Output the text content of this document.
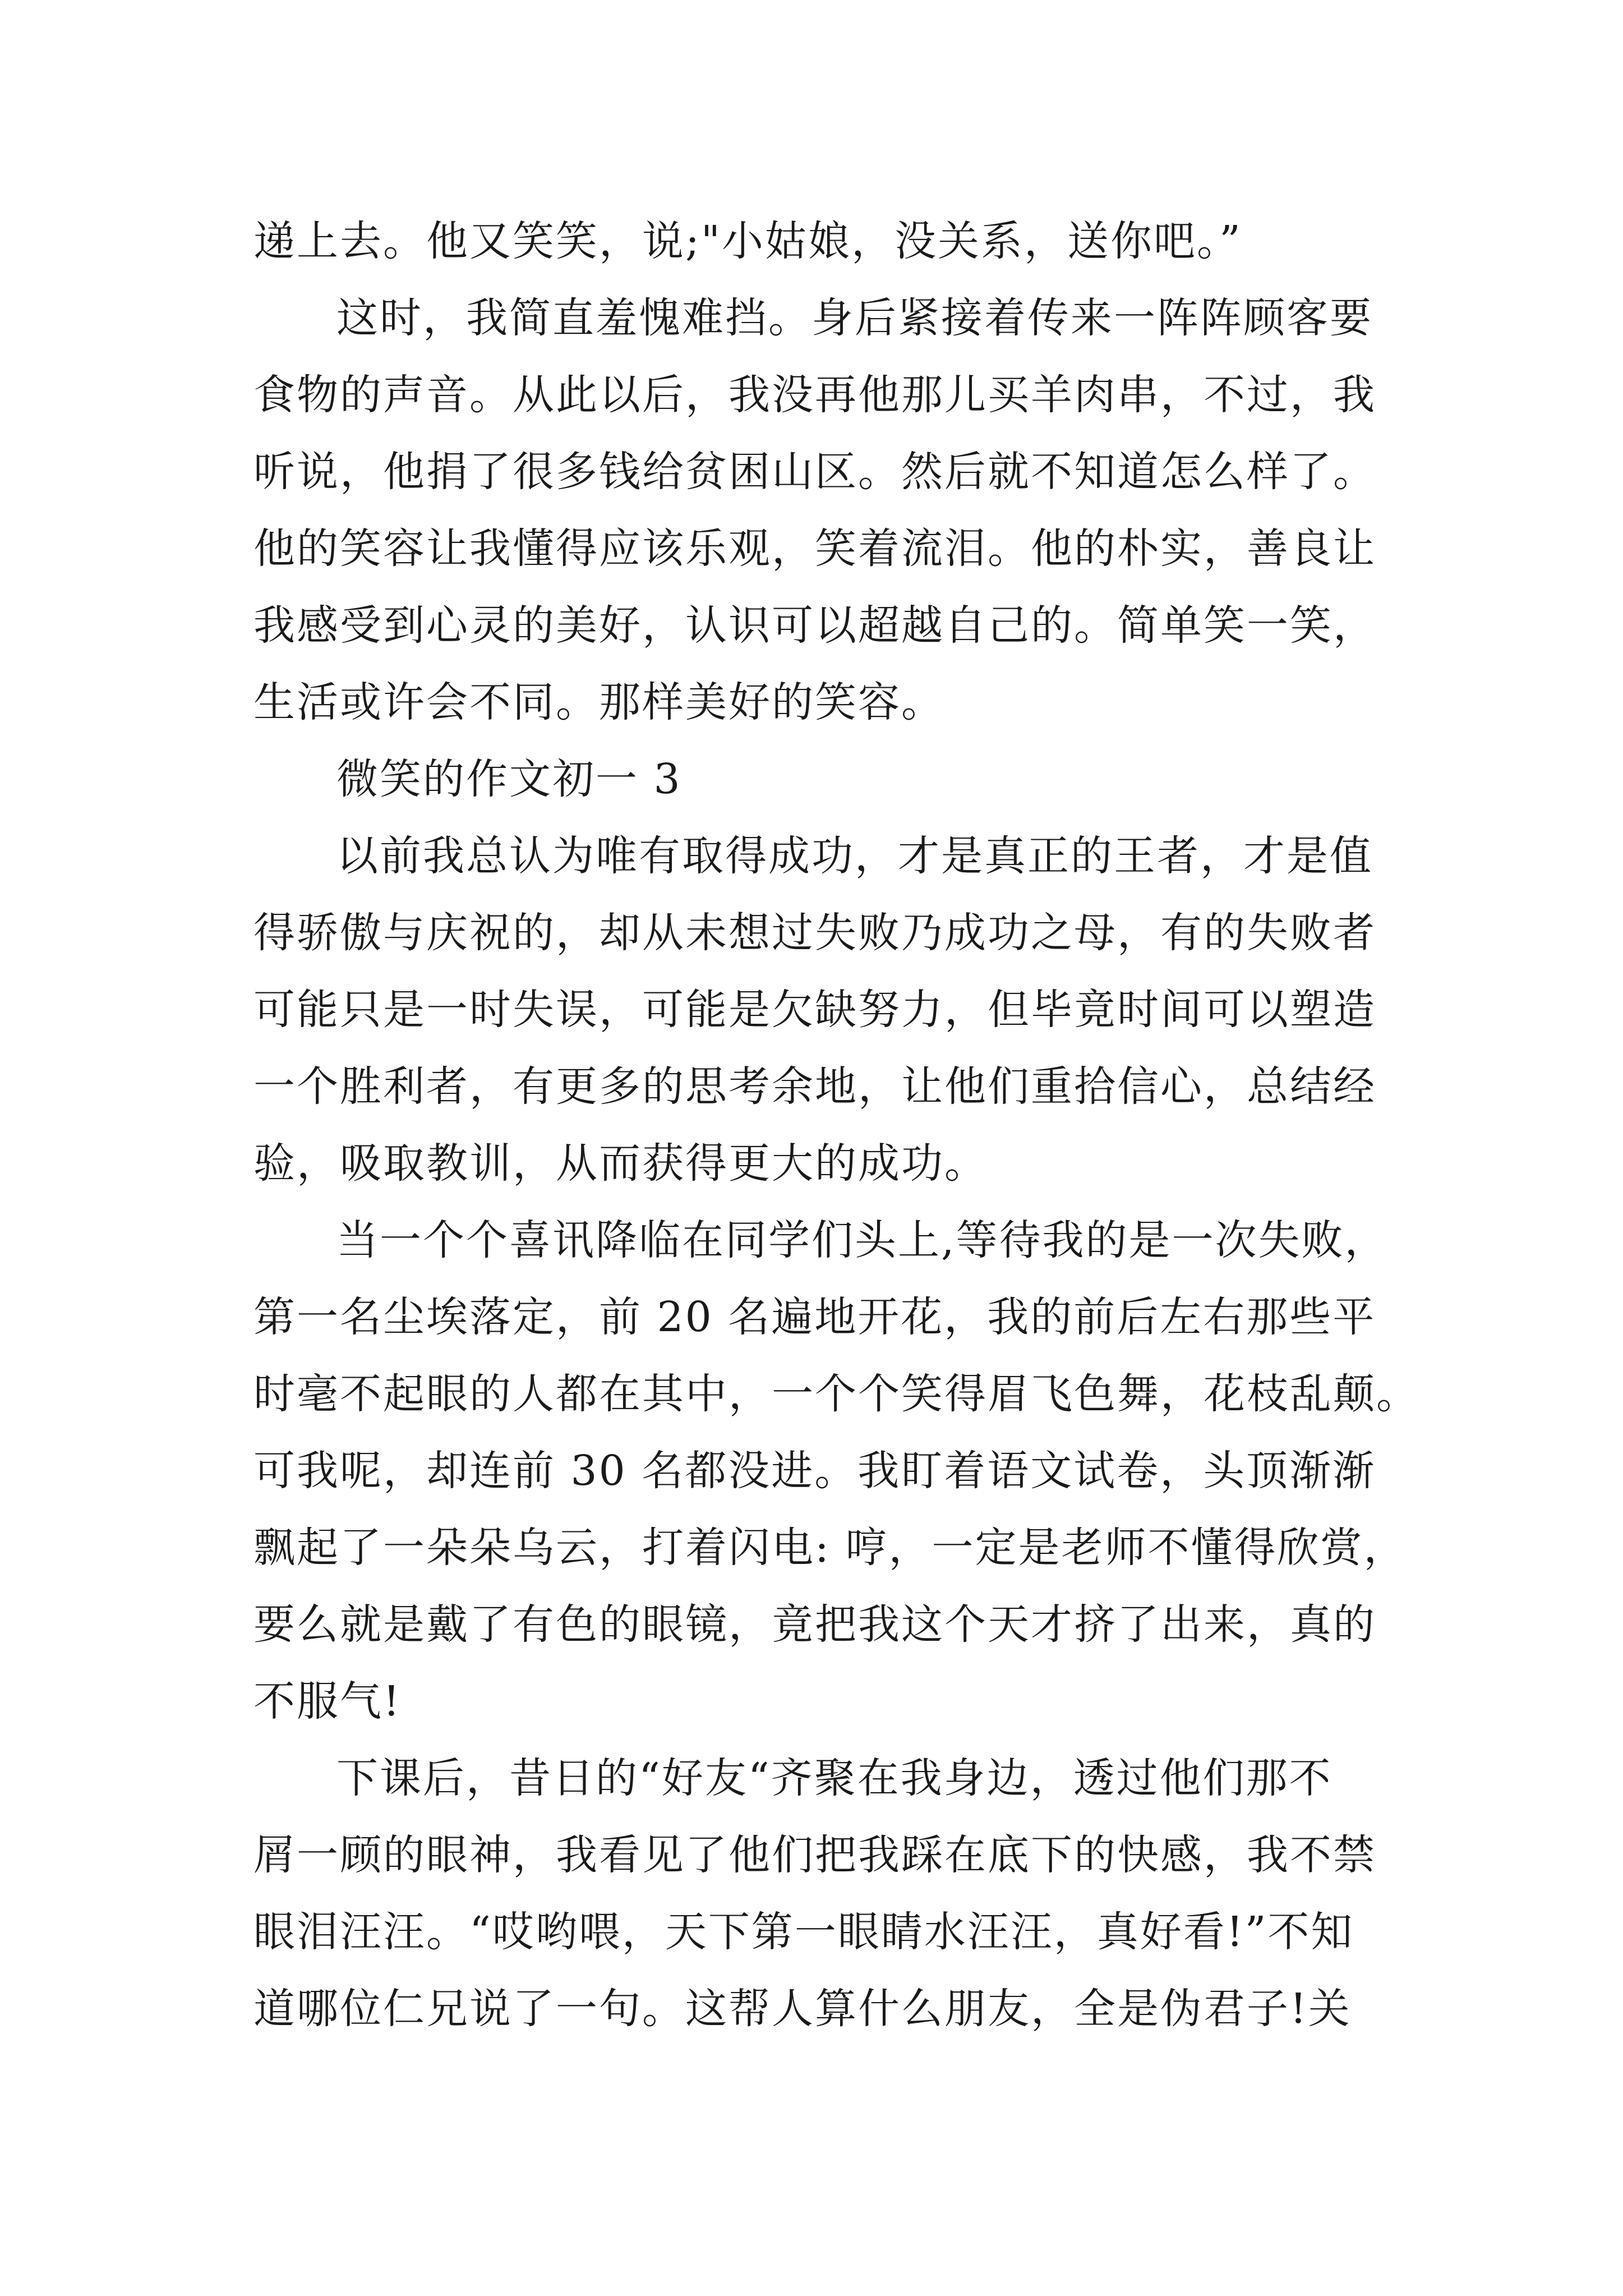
递上去。他又笑笑，说;"小姑娘，没关系，送你吧。”
这时，我简直羞愧难挡。身后紧接着传来一阵阵顾客要
食物的声音。从此以后，我没再他那儿买羊肉串，不过，我
听说，他捐了很多钱给贫困山区。然后就不知道怎么样了。
他的笑容让我懂得应该乐观，笑着流泪。他的朴实，善良让
我感受到心灵的美好，认识可以超越自己的。简单笑一笑，
生活或许会不同。那样美好的笑容。
微笑的作文初一 3
以前我总认为唯有取得成功，才是真正的王者，才是值
得骄傲与庆祝的，却从未想过失败乃成功之母，有的失败者
可能只是一时失误，可能是欠缺努力，但毕竟时间可以塑造
一个胜利者，有更多的思考余地，让他们重拾信心，总结经
验，吸取教训，从而获得更大的成功。
当一个个喜讯降临在同学们头上,等待我的是一次失败，
第一名尘埃落定，前 20 名遍地开花，我的前后左右那些平
时毫不起眼的人都在其中，一个个笑得眉飞色舞，花枝乱颠。
可我呢，却连前 30 名都没进。我盯着语文试卷，头顶渐渐
飘起了一朵朵乌云，打着闪电: 哼，一定是老师不懂得欣赏，
要么就是戴了有色的眼镜，竟把我这个天才挤了出来，真的
不服气!
下课后，昔日的“好友“齐聚在我身边，透过他们那不
屑一顾的眼神，我看见了他们把我踩在底下的快感，我不禁
眼泪汪汪。“哎哟喂，天下第一眼睛水汪汪，真好看!”不知
道哪位仁兄说了一句。这帮人算什么朋友，全是伪君子!关
